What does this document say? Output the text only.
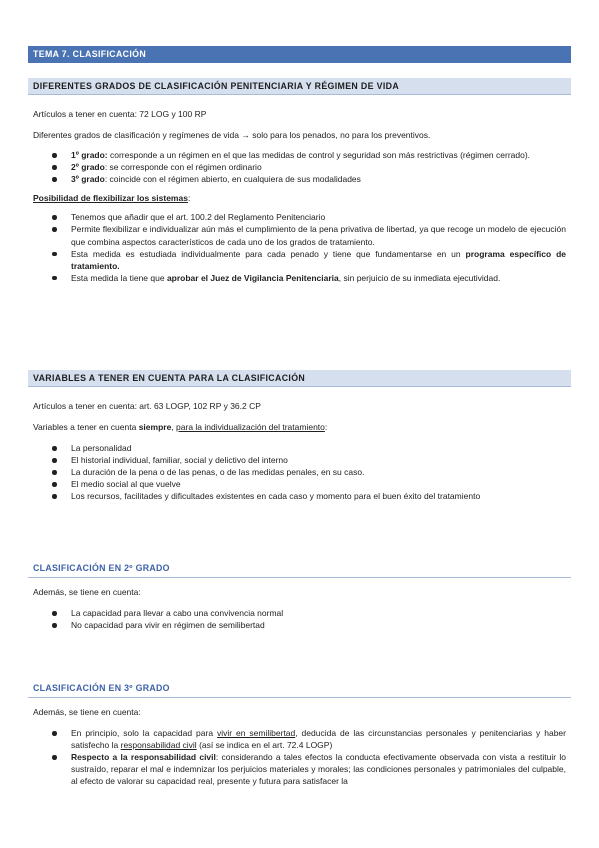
TEMA 7. CLASIFICACIÓN
DIFERENTES GRADOS DE CLASIFICACIÓN PENITENCIARIA Y RÉGIMEN DE VIDA

Artículos a tener en cuenta: 72 LOG y 100 RP

Diferentes grados de clasificación y regímenes de vida → solo para los penados, no para los preventivos.

1º grado: corresponde a un régimen en el que las medidas de control y seguridad son más restrictivas (régimen cerrado).
2º grado: se corresponde con el régimen ordinario
3º grado: coincide con el régimen abierto, en cualquiera de sus modalidades

Posibilidad de flexibilizar los sistemas:

Tenemos que añadir que el art. 100.2 del Reglamento Penitenciario
Permite flexibilizar e individualizar aún más el cumplimiento de la pena privativa de libertad, ya que recoge un modelo de ejecución que combina aspectos característicos de cada uno de los grados de tratamiento.
Esta medida es estudiada individualmente para cada penado y tiene que fundamentarse en un programa específico de tratamiento.
Esta medida la tiene que aprobar el Juez de Vigilancia Penitenciaria, sin perjuicio de su inmediata ejecutividad.
VARIABLES A TENER EN CUENTA PARA LA CLASIFICACIÓN

Artículos a tener en cuenta: art. 63 LOGP, 102 RP y 36.2 CP

Variables a tener en cuenta siempre, para la individualización del tratamiento:

La personalidad
El historial individual, familiar, social y delictivo del interno
La duración de la pena o de las penas, o de las medidas penales, en su caso.
El medio social al que vuelve
Los recursos, facilitades y dificultades existentes en cada caso y momento para el buen éxito del tratamiento

CLASIFICACIÓN EN 2º GRADO

Además, se tiene en cuenta:

La capacidad para llevar a cabo una convivencia normal
No capacidad para vivir en régimen de semilibertad

CLASIFICACIÓN EN 3º GRADO

Además, se tiene en cuenta:

En principio, solo la capacidad para vivir en semilibertad, deducida de las circunstancias personales y penitenciarias y haber satisfecho la responsabilidad civil (así se indica en el art. 72.4 LOGP)
Respecto a la responsabilidad civil: considerando a tales efectos la conducta efectivamente observada con vista a restituir lo sustraído, reparar el mal e indemnizar los perjuicios materiales y morales; las condiciones personales y patrimoniales del culpable, al efecto de valorar su capacidad real, presente y futura para satisfacer la
